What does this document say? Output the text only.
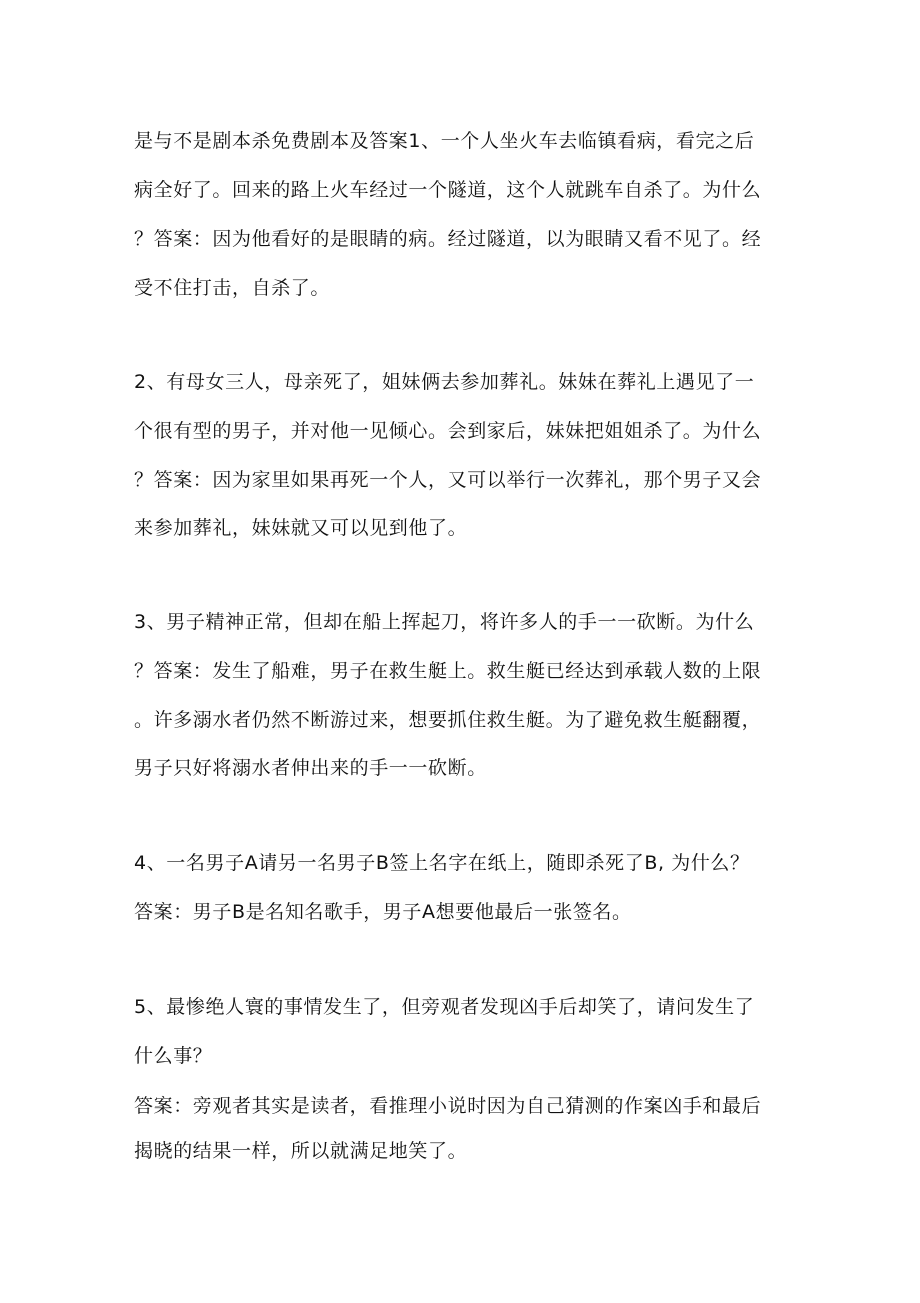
是与不是剧本杀免费剧本及答案1、一个人坐火车去临镇看病，看完之后

病全好了。回来的路上火车经过一个隧道，这个人就跳车自杀了。为什么

？答案：因为他看好的是眼睛的病。经过隧道，以为眼睛又看不见了。经

受不住打击，自杀了。

2、有母女三人，母亲死了，姐妹俩去参加葬礼。妹妹在葬礼上遇见了一

个很有型的男子，并对他一见倾心。会到家后，妹妹把姐姐杀了。为什么

？答案：因为家里如果再死一个人，又可以举行一次葬礼，那个男子又会

来参加葬礼，妹妹就又可以见到他了。

3、男子精神正常，但却在船上挥起刀，将许多人的手一一砍断。为什么

？答案：发生了船难，男子在救生艇上。救生艇已经达到承载人数的上限

。许多溺水者仍然不断游过来，想要抓住救生艇。为了避免救生艇翻覆，

男子只好将溺水者伸出来的手一一砍断。

4、一名男子A请另一名男子B签上名字在纸上，随即杀死了B, 为什么？

答案：男子B是名知名歌手，男子A想要他最后一张签名。

5、最惨绝人寰的事情发生了，但旁观者发现凶手后却笑了，请问发生了

什么事？

答案：旁观者其实是读者，看推理小说时因为自己猜测的作案凶手和最后

揭晓的结果一样，所以就满足地笑了。
